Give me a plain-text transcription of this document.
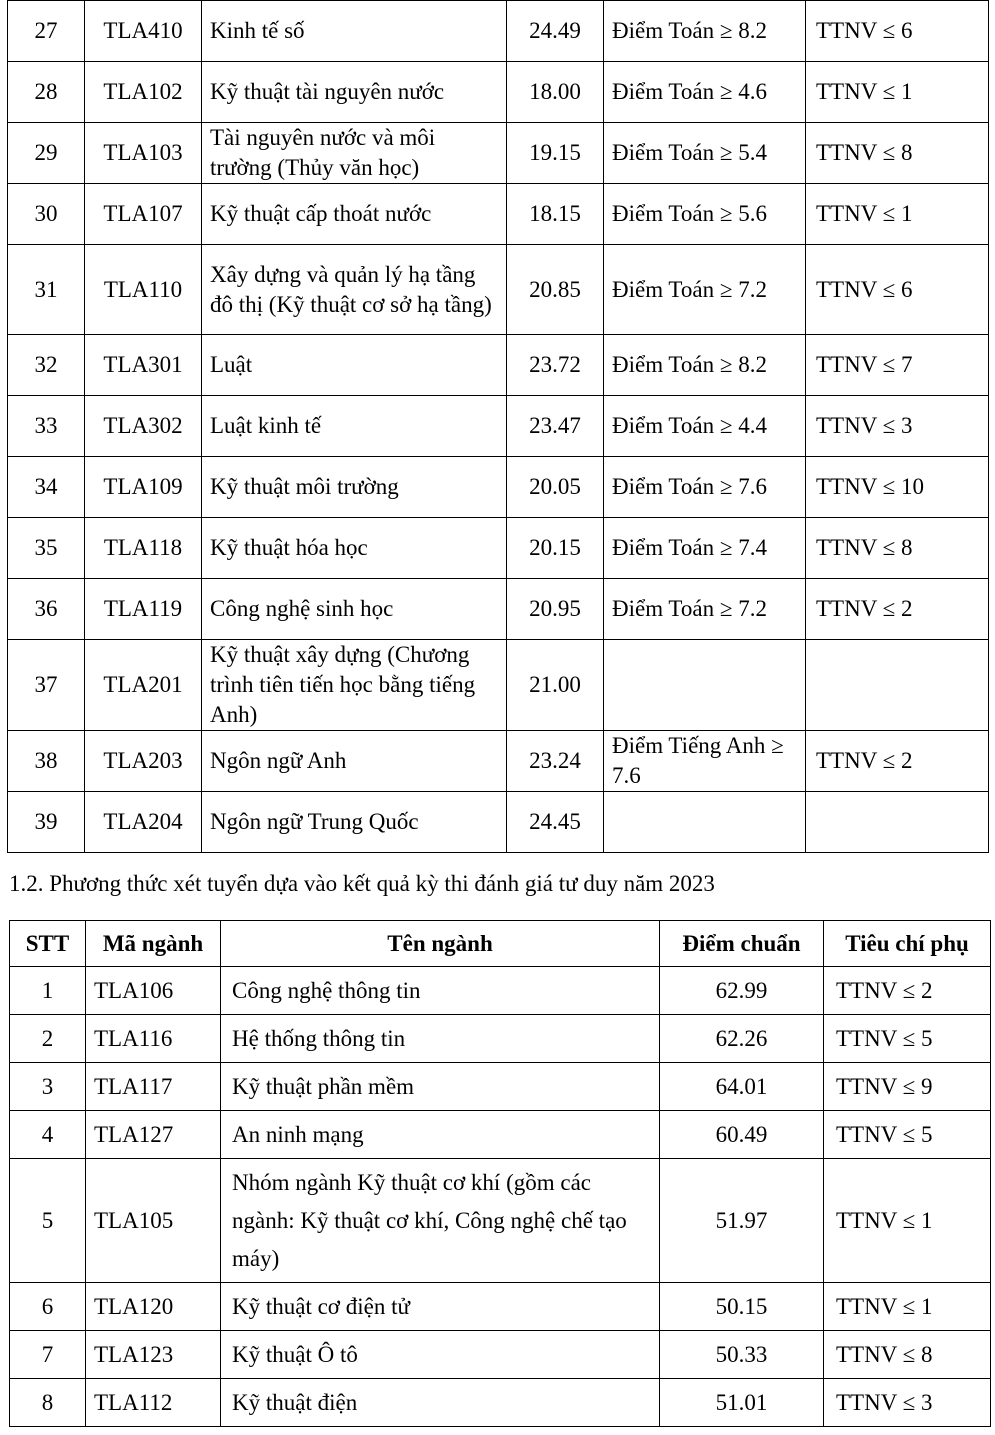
27	TLA410	Kinh tế số	24.49	Điểm Toán ≥ 8.2	TTNV ≤ 6
28	TLA102	Kỹ thuật tài nguyên nước	18.00	Điểm Toán ≥ 4.6	TTNV ≤ 1
29	TLA103	Tài nguyên nước và môi trường (Thủy văn học)	19.15	Điểm Toán ≥ 5.4	TTNV ≤ 8
30	TLA107	Kỹ thuật cấp thoát nước	18.15	Điểm Toán ≥ 5.6	TTNV ≤ 1
31	TLA110	Xây dựng và quản lý hạ tầng đô thị (Kỹ thuật cơ sở hạ tầng)	20.85	Điểm Toán ≥ 7.2	TTNV ≤ 6
32	TLA301	Luật	23.72	Điểm Toán ≥ 8.2	TTNV ≤ 7
33	TLA302	Luật kinh tế	23.47	Điểm Toán ≥ 4.4	TTNV ≤ 3
34	TLA109	Kỹ thuật môi trường	20.05	Điểm Toán ≥ 7.6	TTNV ≤ 10
35	TLA118	Kỹ thuật hóa học	20.15	Điểm Toán ≥ 7.4	TTNV ≤ 8
36	TLA119	Công nghệ sinh học	20.95	Điểm Toán ≥ 7.2	TTNV ≤ 2
37	TLA201	Kỹ thuật xây dựng (Chương trình tiên tiến học bằng tiếng Anh)	21.00		
38	TLA203	Ngôn ngữ Anh	23.24	Điểm Tiếng Anh ≥ 7.6	TTNV ≤ 2
39	TLA204	Ngôn ngữ Trung Quốc	24.45		

1.2. Phương thức xét tuyển dựa vào kết quả kỳ thi đánh giá tư duy năm 2023

STT	Mã ngành	Tên ngành	Điểm chuẩn	Tiêu chí phụ
1	TLA106	Công nghệ thông tin	62.99	TTNV ≤ 2
2	TLA116	Hệ thống thông tin	62.26	TTNV ≤ 5
3	TLA117	Kỹ thuật phần mềm	64.01	TTNV ≤ 9
4	TLA127	An ninh mạng	60.49	TTNV ≤ 5
5	TLA105	Nhóm ngành Kỹ thuật cơ khí (gồm các ngành: Kỹ thuật cơ khí, Công nghệ chế tạo máy)	51.97	TTNV ≤ 1
6	TLA120	Kỹ thuật cơ điện tử	50.15	TTNV ≤ 1
7	TLA123	Kỹ thuật Ô tô	50.33	TTNV ≤ 8
8	TLA112	Kỹ thuật điện	51.01	TTNV ≤ 3
